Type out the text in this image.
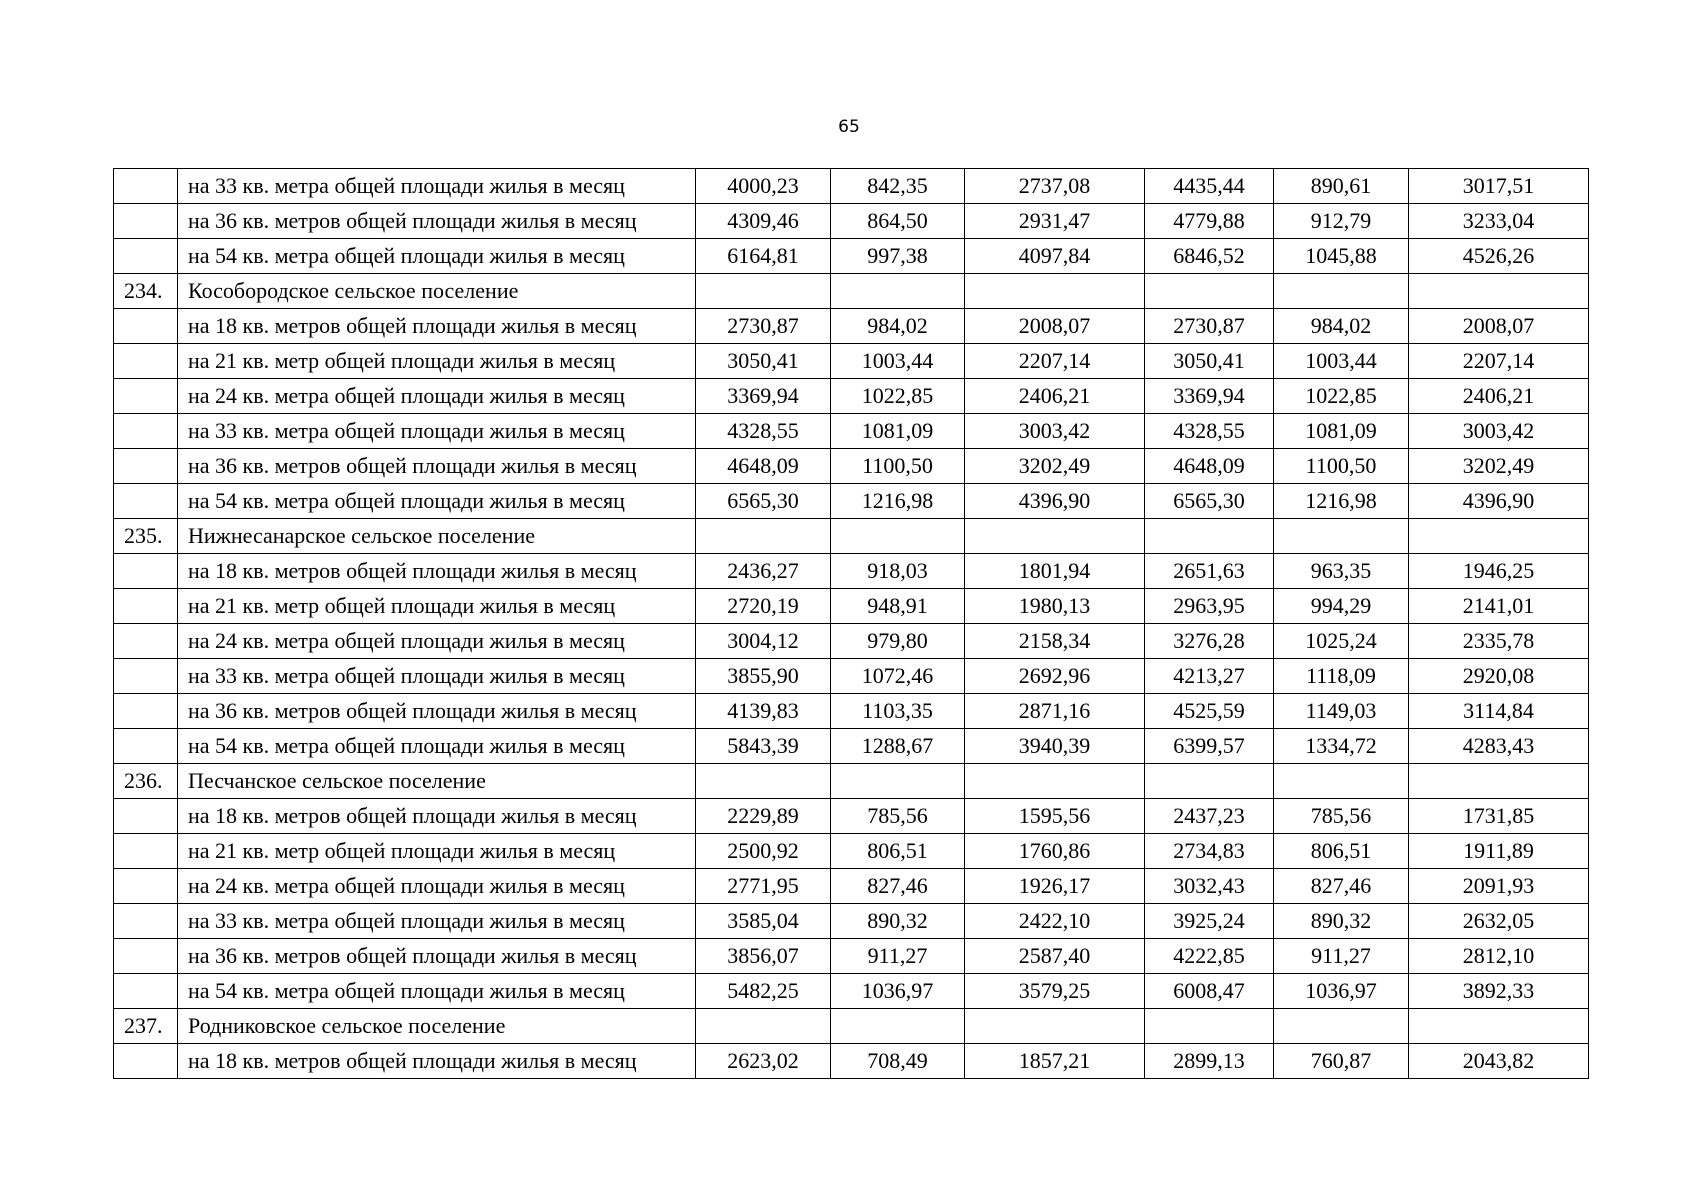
65
	на 33 кв. метра общей площади жилья в месяц	4000,23	842,35	2737,08	4435,44	890,61	3017,51
	на 36 кв. метров общей площади жилья в месяц	4309,46	864,50	2931,47	4779,88	912,79	3233,04
	на 54 кв. метра общей площади жилья в месяц	6164,81	997,38	4097,84	6846,52	1045,88	4526,26
234.	Кособородское сельское поселение						
	на 18 кв. метров общей площади жилья в месяц	2730,87	984,02	2008,07	2730,87	984,02	2008,07
	на 21 кв. метр общей площади жилья в месяц	3050,41	1003,44	2207,14	3050,41	1003,44	2207,14
	на 24 кв. метра общей площади жилья в месяц	3369,94	1022,85	2406,21	3369,94	1022,85	2406,21
	на 33 кв. метра общей площади жилья в месяц	4328,55	1081,09	3003,42	4328,55	1081,09	3003,42
	на 36 кв. метров общей площади жилья в месяц	4648,09	1100,50	3202,49	4648,09	1100,50	3202,49
	на 54 кв. метра общей площади жилья в месяц	6565,30	1216,98	4396,90	6565,30	1216,98	4396,90
235.	Нижнесанарское сельское поселение						
	на 18 кв. метров общей площади жилья в месяц	2436,27	918,03	1801,94	2651,63	963,35	1946,25
	на 21 кв. метр общей площади жилья в месяц	2720,19	948,91	1980,13	2963,95	994,29	2141,01
	на 24 кв. метра общей площади жилья в месяц	3004,12	979,80	2158,34	3276,28	1025,24	2335,78
	на 33 кв. метра общей площади жилья в месяц	3855,90	1072,46	2692,96	4213,27	1118,09	2920,08
	на 36 кв. метров общей площади жилья в месяц	4139,83	1103,35	2871,16	4525,59	1149,03	3114,84
	на 54 кв. метра общей площади жилья в месяц	5843,39	1288,67	3940,39	6399,57	1334,72	4283,43
236.	Песчанское сельское поселение						
	на 18 кв. метров общей площади жилья в месяц	2229,89	785,56	1595,56	2437,23	785,56	1731,85
	на 21 кв. метр общей площади жилья в месяц	2500,92	806,51	1760,86	2734,83	806,51	1911,89
	на 24 кв. метра общей площади жилья в месяц	2771,95	827,46	1926,17	3032,43	827,46	2091,93
	на 33 кв. метра общей площади жилья в месяц	3585,04	890,32	2422,10	3925,24	890,32	2632,05
	на 36 кв. метров общей площади жилья в месяц	3856,07	911,27	2587,40	4222,85	911,27	2812,10
	на 54 кв. метра общей площади жилья в месяц	5482,25	1036,97	3579,25	6008,47	1036,97	3892,33
237.	Родниковское сельское поселение						
	на 18 кв. метров общей площади жилья в месяц	2623,02	708,49	1857,21	2899,13	760,87	2043,82
